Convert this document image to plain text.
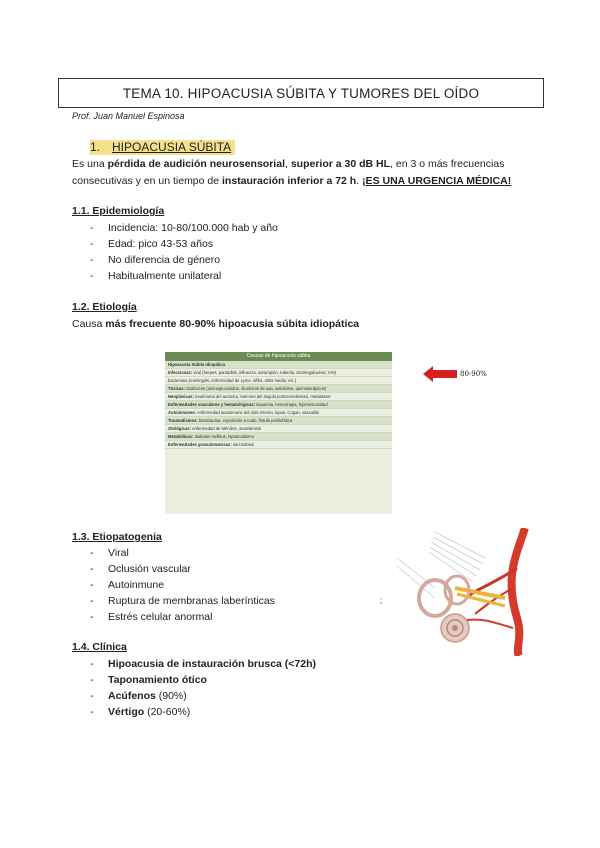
TEMA 10. HIPOACUSIA SÚBITA Y TUMORES DEL OÍDO
Prof. Juan Manuel Espinosa
1. HIPOACUSIA SÚBITA
Es una pérdida de audición neurosensorial, superior a 30 dB HL, en 3 o más frecuencias consecutivas y en un tiempo de instauración inferior a 72 h. ¡ES UNA URGENCIA MÉDICA!
1.1. Epidemiología
- Incidencia: 10-80/100.000 hab y año
- Edad: pico 43-53 años
- No diferencia de género
- Habitualmente unilateral
1.2. Etiología
Causa más frecuente 80-90% hipoacusia súbita idiopática
Causas de hipoacusia súbita
Hipoacusia Súbita Idiopática
Infecciosas: viral (herpes, parotiditis, influenza, sarampión, rubeola, citomegalovirus, VIH)
bacteriana (meningitis, enfermedad de Lyme, sífilis, otitis media, etc.)
Tóxicas: ototóxicos (aminoglucósidos, diuréticos de asa, salicilatos, quimioterápicos)
Neoplásicas: neurinoma del acústico, tumores del ángulo pontocerebeloso, metástasis
Enfermedades vasculares y hematológicas: isquemia, hemorragia, hiperviscosidad
Autoinmunes: enfermedad autoinmune del oído interno, lupus, Cogan, vasculitis
Traumatismos: barotrauma, exposición a ruido, fístula perilinfática
Otológicas: enfermedad de Ménière, otosclerosis
Metabólicas: diabetes mellitus, hipotiroidismo
Enfermedades granulomatosas: sarcoidosis
80-90%
1.3. Etiopatogenia
- Viral
- Oclusión vascular
- Autoinmune
- Ruptura de membranas laberínticas
- Estrés celular anormal
;
1.4. Clínica
- Hipoacusia de instauración brusca (<72h)
- Taponamiento ótico
- Acúfenos (90%)
- Vértigo (20-60%)
